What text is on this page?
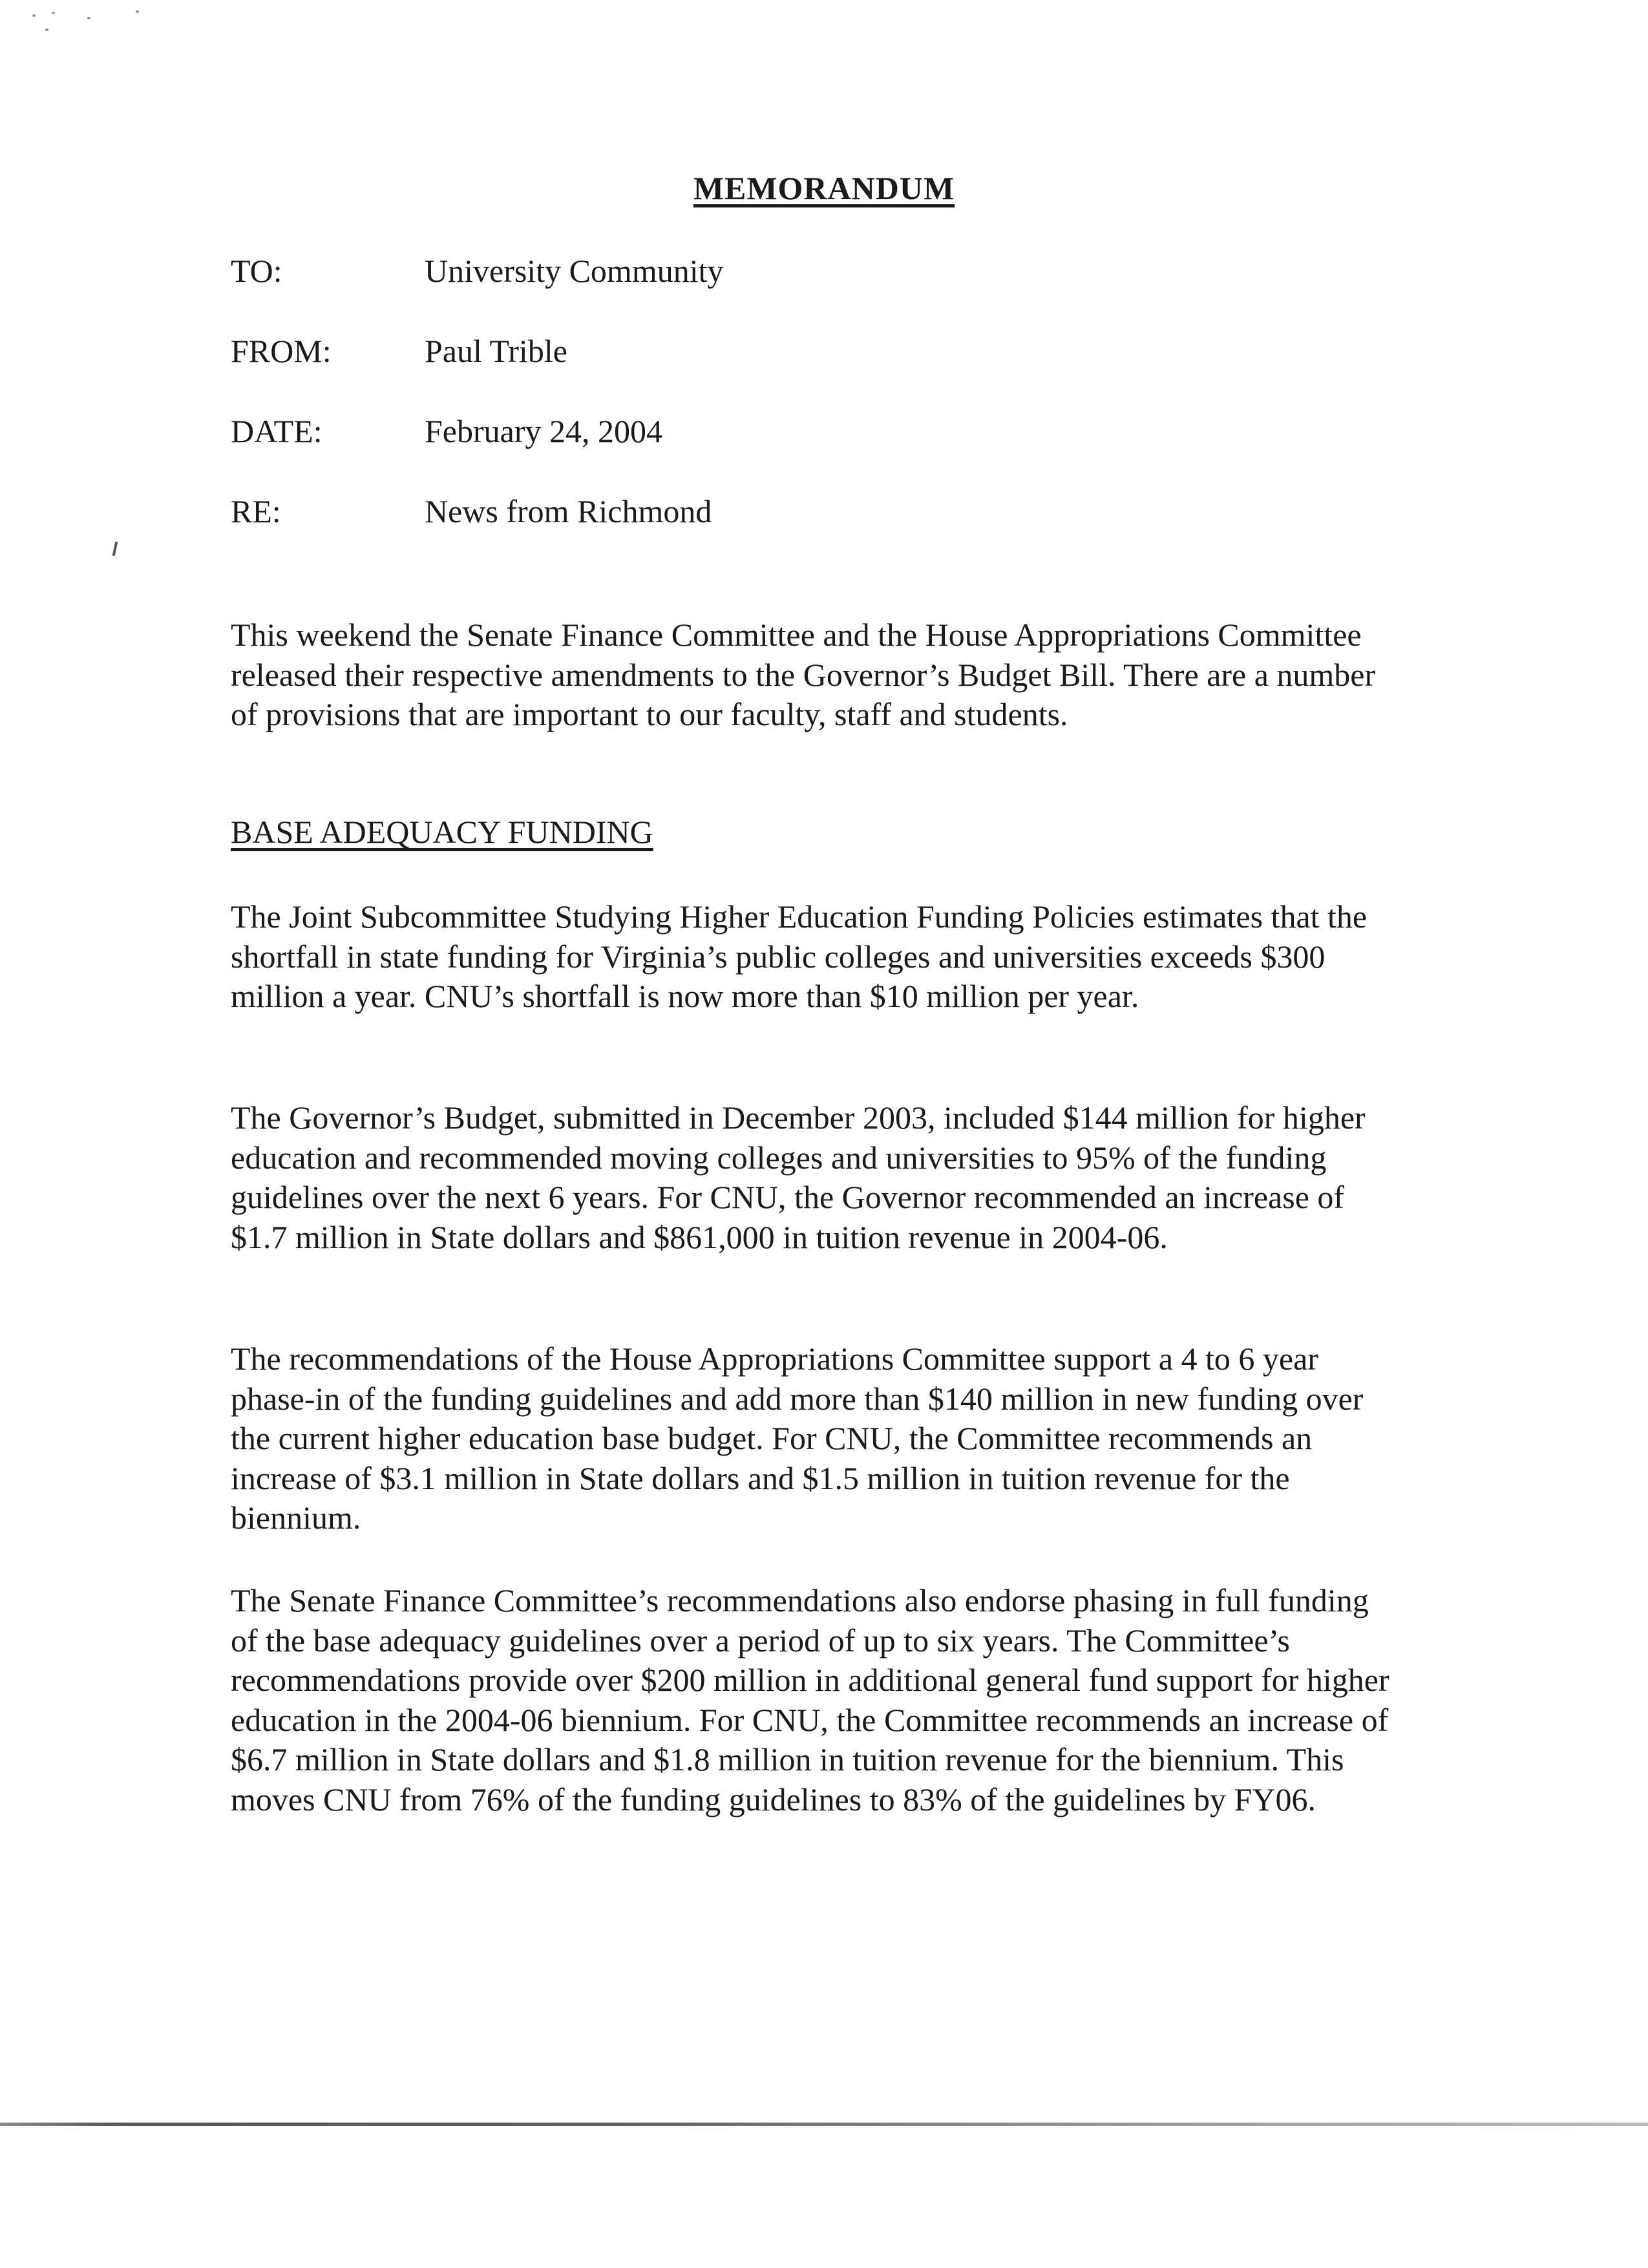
MEMORANDUM
TO:	University Community
FROM:	Paul Trible
DATE:	February 24, 2004
RE:	News from Richmond
This weekend the Senate Finance Committee and the House Appropriations Committee released their respective amendments to the Governor’s Budget Bill. There are a number of provisions that are important to our faculty, staff and students.
BASE ADEQUACY FUNDING
The Joint Subcommittee Studying Higher Education Funding Policies estimates that the shortfall in state funding for Virginia’s public colleges and universities exceeds $300 million a year. CNU’s shortfall is now more than $10 million per year.
The Governor’s Budget, submitted in December 2003, included $144 million for higher education and recommended moving colleges and universities to 95% of the funding guidelines over the next 6 years. For CNU, the Governor recommended an increase of $1.7 million in State dollars and $861,000 in tuition revenue in 2004-06.
The recommendations of the House Appropriations Committee support a 4 to 6 year phase-in of the funding guidelines and add more than $140 million in new funding over the current higher education base budget. For CNU, the Committee recommends an increase of $3.1 million in State dollars and $1.5 million in tuition revenue for the biennium.
The Senate Finance Committee’s recommendations also endorse phasing in full funding of the base adequacy guidelines over a period of up to six years. The Committee’s recommendations provide over $200 million in additional general fund support for higher education in the 2004-06 biennium. For CNU, the Committee recommends an increase of $6.7 million in State dollars and $1.8 million in tuition revenue for the biennium. This moves CNU from 76% of the funding guidelines to 83% of the guidelines by FY06.
